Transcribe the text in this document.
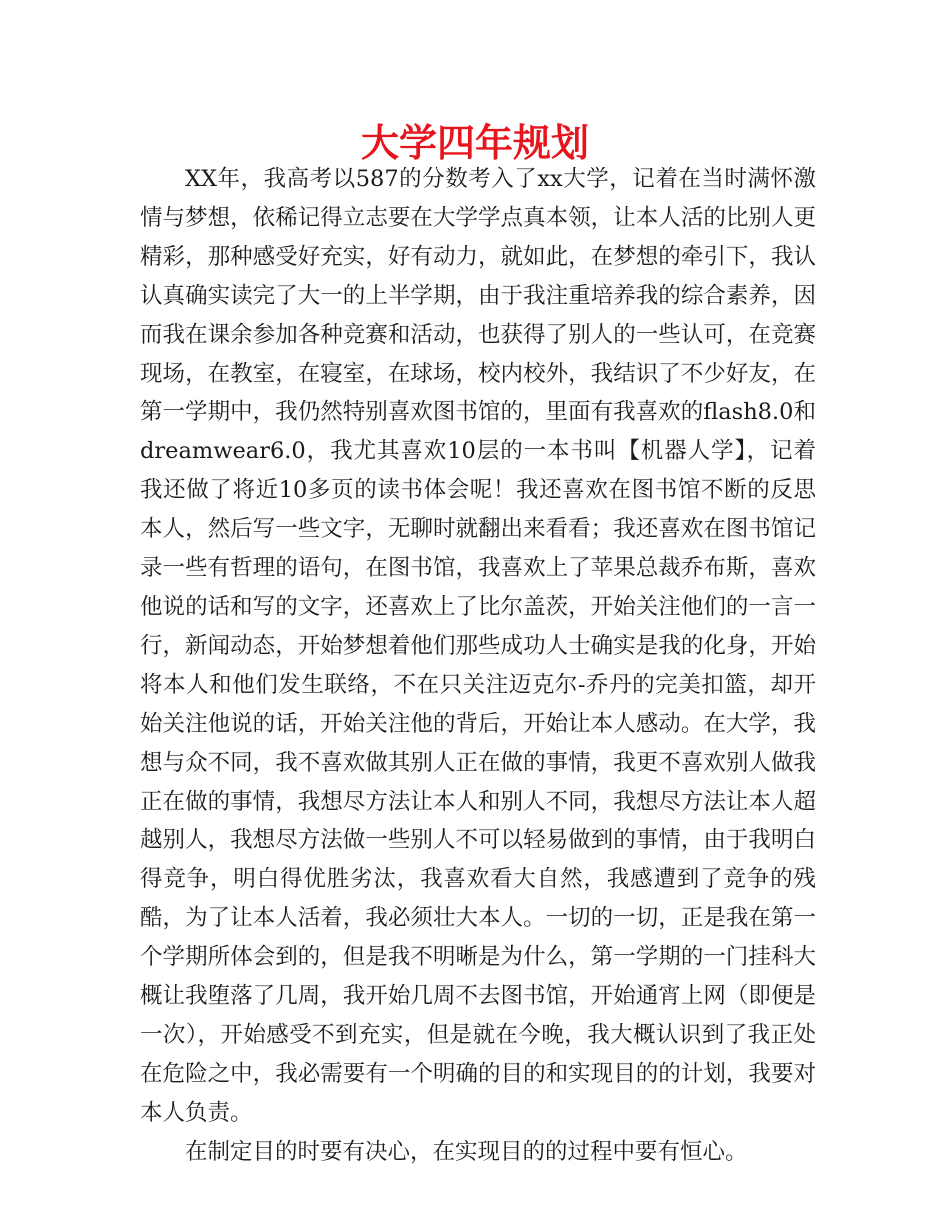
大学四年规划

XX年，我高考以587的分数考入了xx大学，记着在当时满怀激情与梦想，依稀记得立志要在大学学点真本领，让本人活的比别人更精彩，那种感受好充实，好有动力，就如此，在梦想的牵引下，我认认真确实读完了大一的上半学期，由于我注重培养我的综合素养，因而我在课余参加各种竞赛和活动，也获得了别人的一些认可，在竞赛现场，在教室，在寝室，在球场，校内校外，我结识了不少好友，在第一学期中，我仍然特别喜欢图书馆的，里面有我喜欢的flash8.0和dreamwear6.0，我尤其喜欢10层的一本书叫【机器人学】，记着我还做了将近10多页的读书体会呢！我还喜欢在图书馆不断的反思本人，然后写一些文字，无聊时就翻出来看看；我还喜欢在图书馆记录一些有哲理的语句，在图书馆，我喜欢上了苹果总裁乔布斯，喜欢他说的话和写的文字，还喜欢上了比尔盖茨，开始关注他们的一言一行，新闻动态，开始梦想着他们那些成功人士确实是我的化身，开始将本人和他们发生联络，不在只关注迈克尔-乔丹的完美扣篮，却开始关注他说的话，开始关注他的背后，开始让本人感动。在大学，我想与众不同，我不喜欢做其别人正在做的事情，我更不喜欢别人做我正在做的事情，我想尽方法让本人和别人不同，我想尽方法让本人超越别人，我想尽方法做一些别人不可以轻易做到的事情，由于我明白得竞争，明白得优胜劣汰，我喜欢看大自然，我感遭到了竞争的残酷，为了让本人活着，我必须壮大本人。一切的一切，正是我在第一个学期所体会到的，但是我不明晰是为什么，第一学期的一门挂科大概让我堕落了几周，我开始几周不去图书馆，开始通宵上网（即便是一次），开始感受不到充实，但是就在今晚，我大概认识到了我正处在危险之中，我必需要有一个明确的目的和实现目的的计划，我要对本人负责。

在制定目的时要有决心，在实现目的的过程中要有恒心。
